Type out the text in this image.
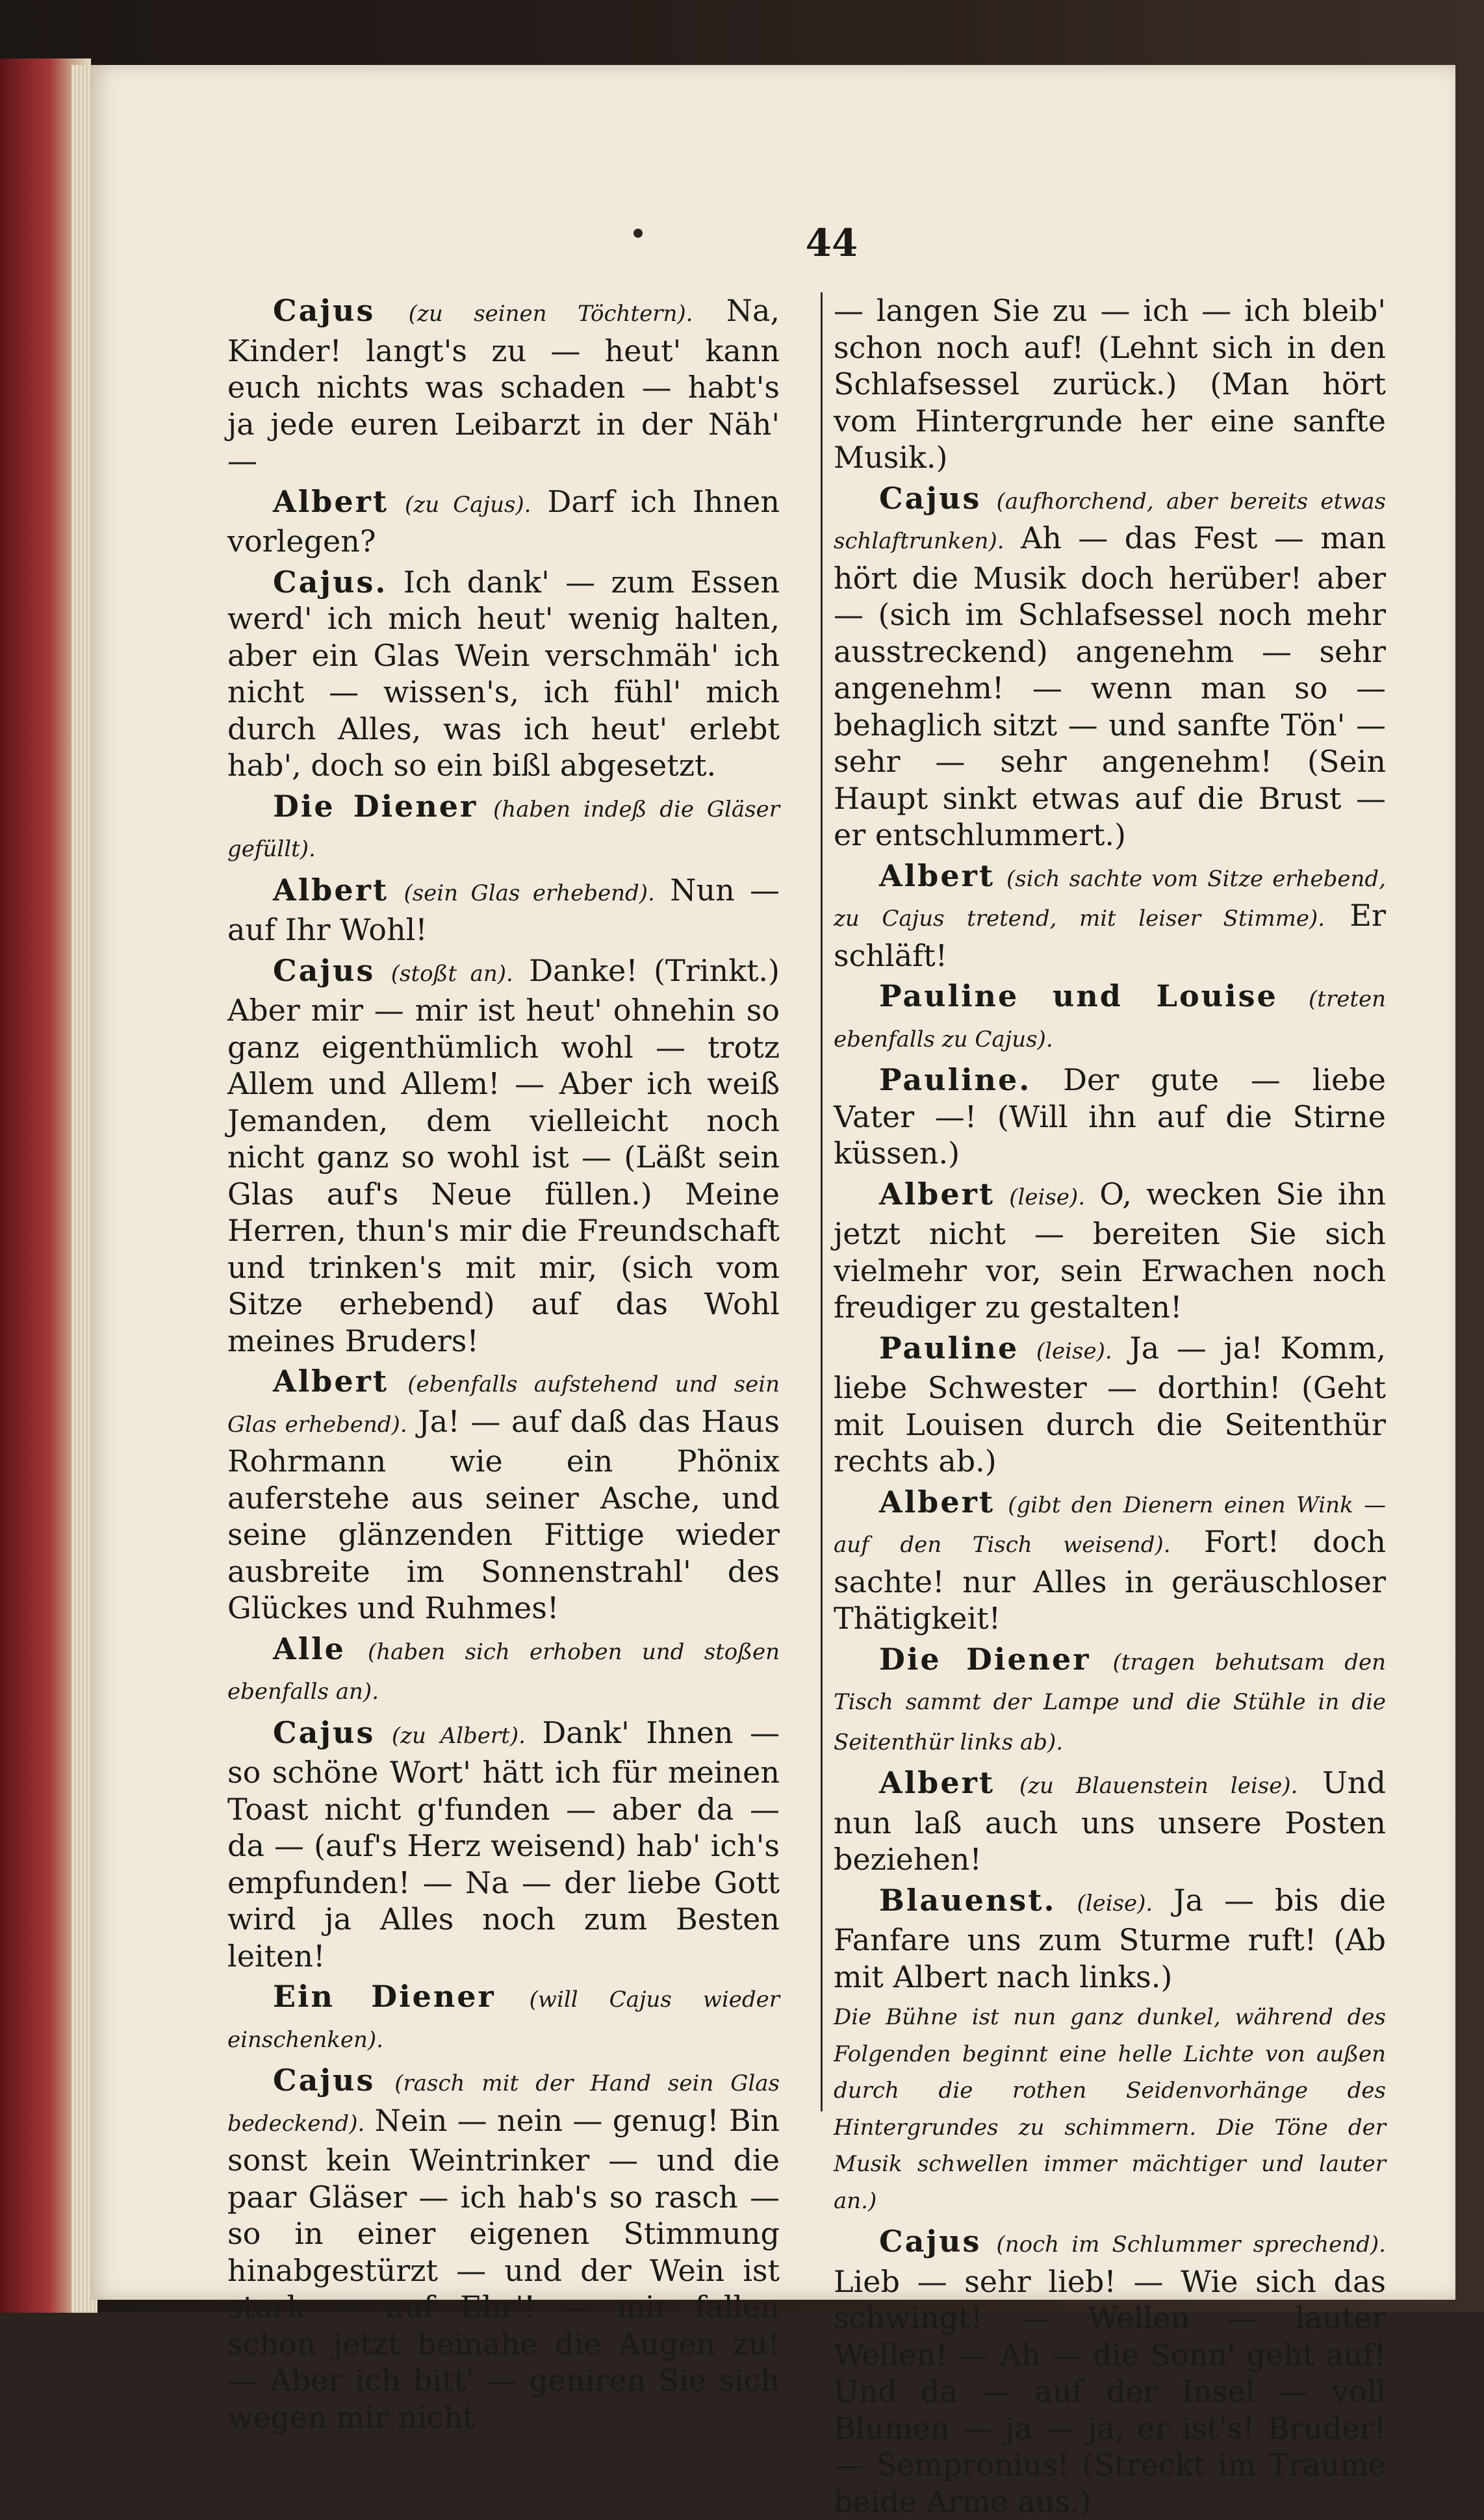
44

Cajus (zu seinen Töchtern). Na, Kinder! langt's zu — heut' kann euch nichts was schaden — habt's ja jede euren Leibarzt in der Näh' —

Albert (zu Cajus). Darf ich Ihnen vorlegen?

Cajus. Ich dank' — zum Essen werd' ich mich heut' wenig halten, aber ein Glas Wein verschmäh' ich nicht — wissen's, ich fühl' mich durch Alles, was ich heut' erlebt hab', doch so ein bißl abgesetzt.

Die Diener (haben indeß die Gläser gefüllt).

Albert (sein Glas erhebend). Nun — auf Ihr Wohl!

Cajus (stoßt an). Danke! (Trinkt.) Aber mir — mir ist heut' ohnehin so ganz eigenthümlich wohl — trotz Allem und Allem! — Aber ich weiß Jemanden, dem vielleicht noch nicht ganz so wohl ist — (Läßt sein Glas auf's Neue füllen.) Meine Herren, thun's mir die Freundschaft und trinken's mit mir, (sich vom Sitze erhebend) auf das Wohl meines Bruders!

Albert (ebenfalls aufstehend und sein Glas erhebend). Ja! — auf daß das Haus Rohrmann wie ein Phönix auferstehe aus seiner Asche, und seine glänzenden Fittige wieder ausbreite im Sonnenstrahl' des Glückes und Ruhmes!

Alle (haben sich erhoben und stoßen ebenfalls an).

Cajus (zu Albert). Dank' Ihnen — so schöne Wort' hätt ich für meinen Toast nicht g'funden — aber da — da — (auf's Herz weisend) hab' ich's empfunden! — Na — der liebe Gott wird ja Alles noch zum Besten leiten!

Ein Diener (will Cajus wieder einschenken).

Cajus (rasch mit der Hand sein Glas bedeckend). Nein — nein — genug! Bin sonst kein Weintrinker — und die paar Gläser — ich hab's so rasch — so in einer eigenen Stimmung hinabgestürzt — und der Wein ist stark — auf Ehr'! — mir fallen schon jetzt beinahe die Augen zu! — Aber ich bitt' — geniren Sie sich wegen mir nicht

— langen Sie zu — ich — ich bleib' schon noch auf! (Lehnt sich in den Schlafsessel zurück.) (Man hört vom Hintergrunde her eine sanfte Musik.)

Cajus (aufhorchend, aber bereits etwas schlaftrunken). Ah — das Fest — man hört die Musik doch herüber! aber — (sich im Schlafsessel noch mehr ausstreckend) angenehm — sehr angenehm! — wenn man so — behaglich sitzt — und sanfte Tön' — sehr — sehr angenehm! (Sein Haupt sinkt etwas auf die Brust — er entschlummert.)

Albert (sich sachte vom Sitze erhebend, zu Cajus tretend, mit leiser Stimme). Er schläft!

Pauline und Louise (treten ebenfalls zu Cajus).

Pauline. Der gute — liebe Vater —! (Will ihn auf die Stirne küssen.)

Albert (leise). O, wecken Sie ihn jetzt nicht — bereiten Sie sich vielmehr vor, sein Erwachen noch freudiger zu gestalten!

Pauline (leise). Ja — ja! Komm, liebe Schwester — dorthin! (Geht mit Louisen durch die Seitenthür rechts ab.)

Albert (gibt den Dienern einen Wink — auf den Tisch weisend). Fort! doch sachte! nur Alles in geräuschloser Thätigkeit!

Die Diener (tragen behutsam den Tisch sammt der Lampe und die Stühle in die Seitenthür links ab).

Albert (zu Blauenstein leise). Und nun laß auch uns unsere Posten beziehen!

Blauenst. (leise). Ja — bis die Fanfare uns zum Sturme ruft! (Ab mit Albert nach links.)

Die Bühne ist nun ganz dunkel, während des Folgenden beginnt eine helle Lichte von außen durch die rothen Seidenvorhänge des Hintergrundes zu schimmern. Die Töne der Musik schwellen immer mächtiger und lauter an.)

Cajus (noch im Schlummer sprechend). Lieb — sehr lieb! — Wie sich das schwingt! — Wellen — lauter Wellen! — Ah — die Sonn' geht auf! Und da — auf der Insel — voll Blumen — ja — ja, er ist's! Bruder! — Sempronius! (Streckt im Traume beide Arme aus.)
